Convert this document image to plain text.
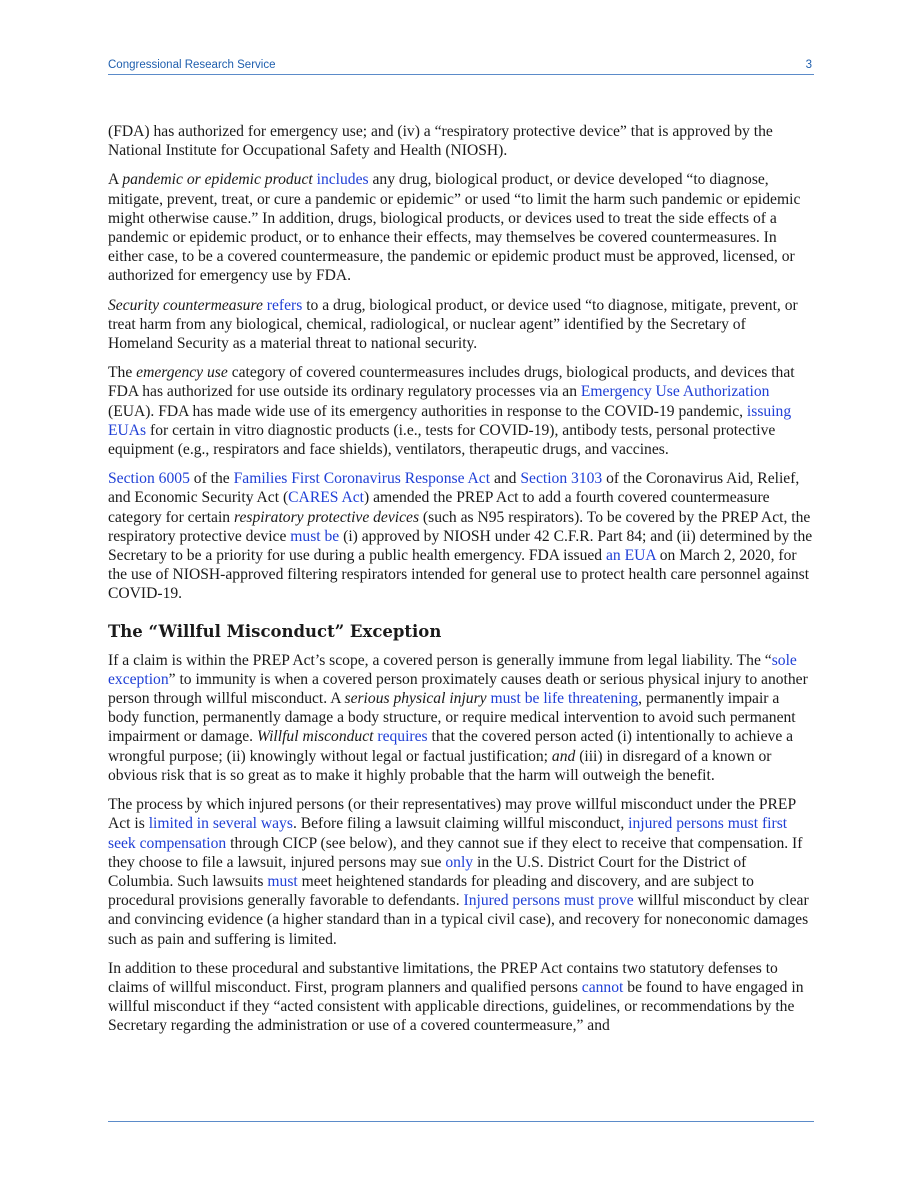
Congressional Research Service	3

(FDA) has authorized for emergency use; and (iv) a “respiratory protective device” that is approved by the National Institute for Occupational Safety and Health (NIOSH).

A pandemic or epidemic product includes any drug, biological product, or device developed “to diagnose, mitigate, prevent, treat, or cure a pandemic or epidemic” or used “to limit the harm such pandemic or epidemic might otherwise cause.” In addition, drugs, biological products, or devices used to treat the side effects of a pandemic or epidemic product, or to enhance their effects, may themselves be covered countermeasures. In either case, to be a covered countermeasure, the pandemic or epidemic product must be approved, licensed, or authorized for emergency use by FDA.

Security countermeasure refers to a drug, biological product, or device used “to diagnose, mitigate, prevent, or treat harm from any biological, chemical, radiological, or nuclear agent” identified by the Secretary of Homeland Security as a material threat to national security.

The emergency use category of covered countermeasures includes drugs, biological products, and devices that FDA has authorized for use outside its ordinary regulatory processes via an Emergency Use Authorization (EUA). FDA has made wide use of its emergency authorities in response to the COVID-19 pandemic, issuing EUAs for certain in vitro diagnostic products (i.e., tests for COVID-19), antibody tests, personal protective equipment (e.g., respirators and face shields), ventilators, therapeutic drugs, and vaccines.

Section 6005 of the Families First Coronavirus Response Act and Section 3103 of the Coronavirus Aid, Relief, and Economic Security Act (CARES Act) amended the PREP Act to add a fourth covered countermeasure category for certain respiratory protective devices (such as N95 respirators). To be covered by the PREP Act, the respiratory protective device must be (i) approved by NIOSH under 42 C.F.R. Part 84; and (ii) determined by the Secretary to be a priority for use during a public health emergency. FDA issued an EUA on March 2, 2020, for the use of NIOSH-approved filtering respirators intended for general use to protect health care personnel against COVID-19.

The “Willful Misconduct” Exception

If a claim is within the PREP Act’s scope, a covered person is generally immune from legal liability. The “sole exception” to immunity is when a covered person proximately causes death or serious physical injury to another person through willful misconduct. A serious physical injury must be life threatening, permanently impair a body function, permanently damage a body structure, or require medical intervention to avoid such permanent impairment or damage. Willful misconduct requires that the covered person acted (i) intentionally to achieve a wrongful purpose; (ii) knowingly without legal or factual justification; and (iii) in disregard of a known or obvious risk that is so great as to make it highly probable that the harm will outweigh the benefit.

The process by which injured persons (or their representatives) may prove willful misconduct under the PREP Act is limited in several ways. Before filing a lawsuit claiming willful misconduct, injured persons must first seek compensation through CICP (see below), and they cannot sue if they elect to receive that compensation. If they choose to file a lawsuit, injured persons may sue only in the U.S. District Court for the District of Columbia. Such lawsuits must meet heightened standards for pleading and discovery, and are subject to procedural provisions generally favorable to defendants. Injured persons must prove willful misconduct by clear and convincing evidence (a higher standard than in a typical civil case), and recovery for noneconomic damages such as pain and suffering is limited.

In addition to these procedural and substantive limitations, the PREP Act contains two statutory defenses to claims of willful misconduct. First, program planners and qualified persons cannot be found to have engaged in willful misconduct if they “acted consistent with applicable directions, guidelines, or recommendations by the Secretary regarding the administration or use of a covered countermeasure,” and
